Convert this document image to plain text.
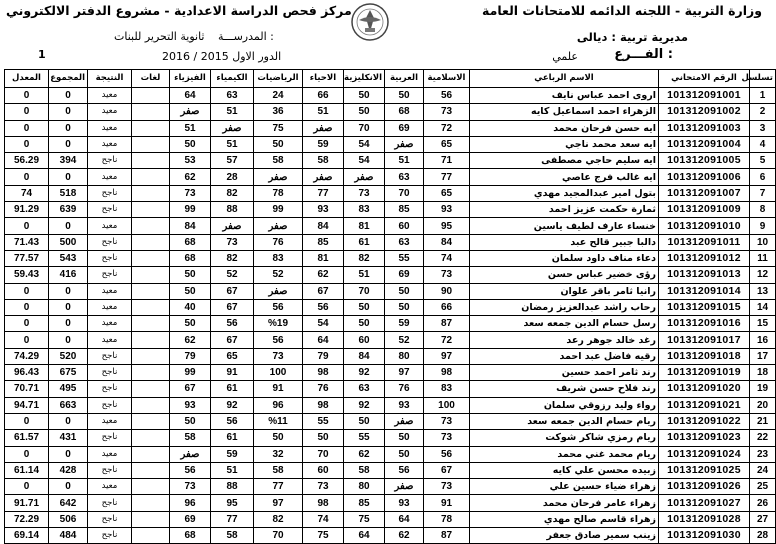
وزارة التربية - اللجنه الدائمه للامتحانات العامة
مركز فحص الدراسة الاعدادية - مشروع الدفتر الالكتروني
مديرية تربية : ديالى
الفـــرع :
علمي
المدرســـة :
ثانوية التحرير للبنات
الدور الاول 2015 / 2016
1
تسلسل	الرقم الامتحاني	الاسم الرباعي	الاسلامية	العربية	الانكليزية	الاحياء	الرياضيات	الكيمياء	الفيزياء	لغات	النتيجة	المجموع	المعدل
1	101312091001	اروى احمد عباس نايف	56	50	50	66	24	63	64		معيد	0	0
2	101312091002	الزهراء احمد اسماعيل كايه	73	68	50	51	36	51	صفر		معيد	0	0
3	101312091003	ايه حسن فرحان محمد	72	69	70	صفر	75	صفر	51		معيد	0	0
4	101312091004	ايه سعد محمد ناجي	65	صفر	54	59	50	51	50		معيد	0	0
5	101312091005	ايه سليم حاجي مصطفى	71	51	54	58	58	57	53		ناجح	394	56.29
6	101312091006	ايه غالب فرج عاصي	77	63	صفر	صفر	صفر	28	62		معيد	0	0
7	101312091007	بتول امير عبدالمجيد مهدي	65	70	73	77	78	82	73		ناجح	518	74
8	101312091009	ثمارة حكمت عزيز احمد	93	85	83	93	99	88	99		ناجح	639	91.29
9	101312091010	خنساء عارف لطيف ياسين	95	60	81	84	صفر	صفر	84		معيد	0	0
10	101312091011	دالبا جبير قالح عبد	84	63	61	85	76	73	68		ناجح	500	71.43
11	101312091012	دعاء مناف داود سلمان	74	55	82	81	83	82	68		ناجح	543	77.57
12	101312091013	رؤى خضير عباس حسن	73	69	51	62	52	52	50		ناجح	416	59.43
13	101312091014	رانيا ثامر باقر علوان	90	50	70	67	صفر	67	50		معيد	0	0
14	101312091015	رحاب راشد عبدالعزيز رمضان	66	50	50	56	56	67	40		معيد	0	0
15	101312091016	رسل حسام الدين جمعه سعد	87	59	50	54	%19	56	50		معيد	0	0
16	101312091017	رغد خالد جوهر رعد	72	52	60	64	56	67	62		معيد	0	0
17	101312091018	رقيه فاضل عبد احمد	97	80	84	79	73	65	79		ناجح	520	74.29
18	101312091019	رند ثامر احمد حسين	98	97	92	98	100	91	99		ناجح	675	96.43
19	101312091020	رند فلاح حسن شريف	83	76	63	76	91	61	67		ناجح	495	70.71
20	101312091021	رواء وليد رزوقي سلمان	100	93	92	98	96	92	93		ناجح	663	94.71
21	101312091022	ريام حسام الدين جمعه سعد	73	صفر	50	55	%11	56	50		معيد	0	0
22	101312091023	ريام رمزي شاكر شوكت	73	50	55	50	50	61	58		ناجح	431	61.57
23	101312091024	ريام محمد غني محمد	56	50	62	70	32	59	صفر		معيد	0	0
24	101312091025	زبيده محسن علي كايه	67	56	58	60	58	51	56		ناجح	428	61.14
25	101312091026	زهراء ضياء حسين علي	73	صفر	80	73	77	88	73		معيد	0	0
26	101312091027	زهراء عامر فرحان محمد	91	93	85	98	97	95	96		ناجح	642	91.71
27	101312091028	زهراء قاسم صالح مهدي	78	64	75	74	82	77	69		ناجح	506	72.29
28	101312091030	زينب سمير صادق جعفر	87	62	64	75	70	58	68		ناجح	484	69.14
